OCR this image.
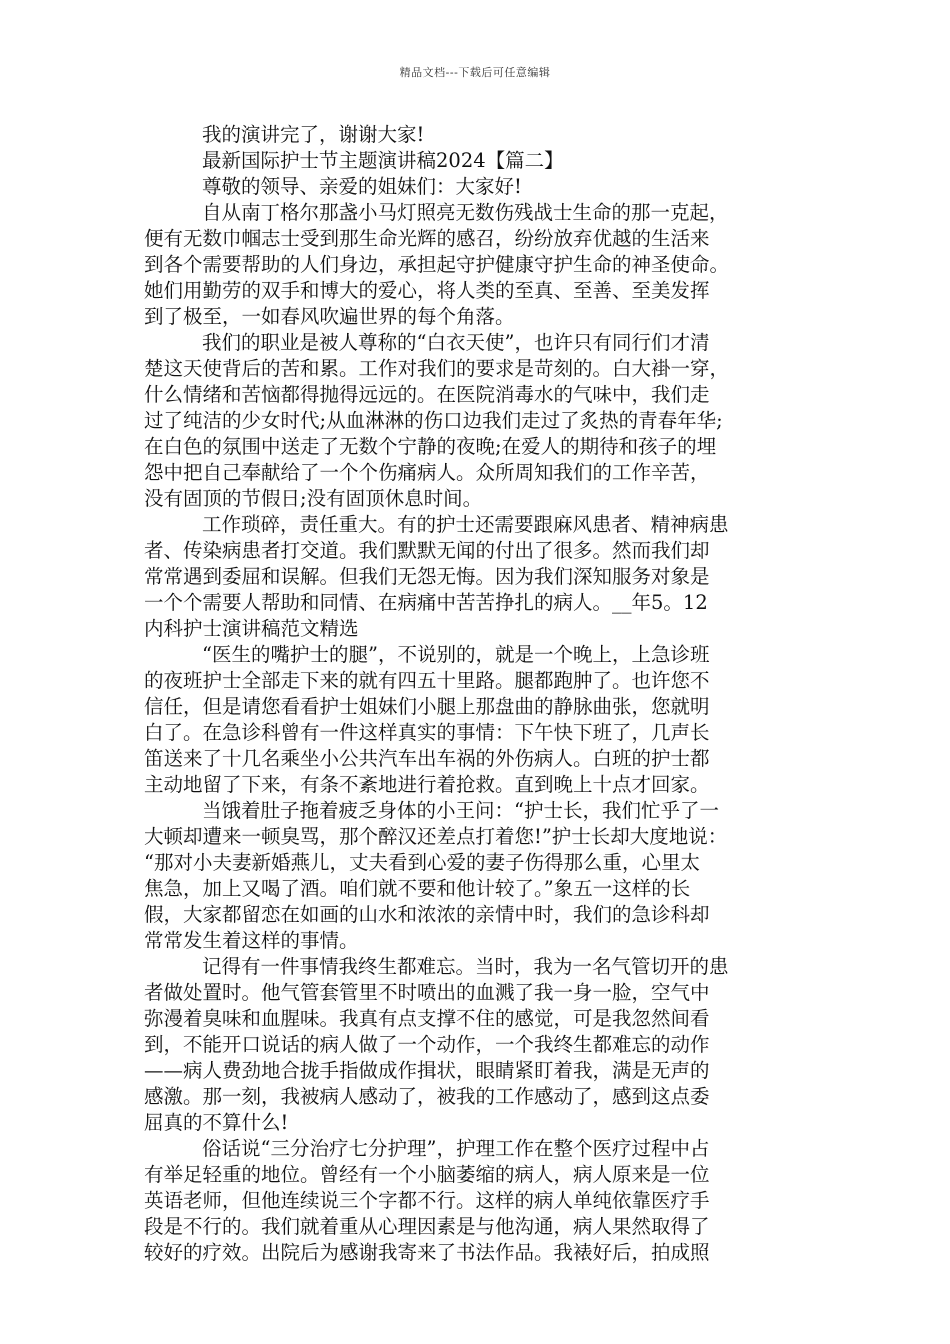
精品文档---下载后可任意编辑
我的演讲完了，谢谢大家!
最新国际护士节主题演讲稿2024【篇二】
尊敬的领导、亲爱的姐妹们：大家好!
自从南丁格尔那盏小马灯照亮无数伤残战士生命的那一克起，
便有无数巾帼志士受到那生命光辉的感召，纷纷放弃优越的生活来
到各个需要帮助的人们身边，承担起守护健康守护生命的神圣使命。
她们用勤劳的双手和博大的爱心，将人类的至真、至善、至美发挥
到了极至，一如春风吹遍世界的每个角落。
我们的职业是被人尊称的“白衣天使”，也许只有同行们才清
楚这天使背后的苦和累。工作对我们的要求是苛刻的。白大褂一穿，
什么情绪和苦恼都得抛得远远的。在医院消毒水的气味中，我们走
过了纯洁的少女时代;从血淋淋的伤口边我们走过了炙热的青春年华;
在白色的氛围中送走了无数个宁静的夜晚;在爱人的期待和孩子的埋
怨中把自己奉献给了一个个伤痛病人。众所周知我们的工作辛苦，
没有固顶的节假日;没有固顶休息时间。
工作琐碎，责任重大。有的护士还需要跟麻风患者、精神病患
者、传染病患者打交道。我们默默无闻的付出了很多。然而我们却
常常遇到委屈和误解。但我们无怨无悔。因为我们深知服务对象是
一个个需要人帮助和同情、在病痛中苦苦挣扎的病人。__年5。12
内科护士演讲稿范文精选
“医生的嘴护士的腿”，不说别的，就是一个晚上，上急诊班
的夜班护士全部走下来的就有四五十里路。腿都跑肿了。也许您不
信任，但是请您看看护士姐妹们小腿上那盘曲的静脉曲张，您就明
白了。在急诊科曾有一件这样真实的事情：下午快下班了，几声长
笛送来了十几名乘坐小公共汽车出车祸的外伤病人。白班的护士都
主动地留了下来，有条不紊地进行着抢救。直到晚上十点才回家。
当饿着肚子拖着疲乏身体的小王问：“护士长，我们忙乎了一
大顿却遭来一顿臭骂，那个醉汉还差点打着您!”护士长却大度地说：
“那对小夫妻新婚燕儿，丈夫看到心爱的妻子伤得那么重，心里太
焦急，加上又喝了酒。咱们就不要和他计较了。”象五一这样的长
假，大家都留恋在如画的山水和浓浓的亲情中时，我们的急诊科却
常常发生着这样的事情。
记得有一件事情我终生都难忘。当时，我为一名气管切开的患
者做处置时。他气管套管里不时喷出的血溅了我一身一脸，空气中
弥漫着臭味和血腥味。我真有点支撑不住的感觉，可是我忽然间看
到，不能开口说话的病人做了一个动作，一个我终生都难忘的动作
——病人费劲地合拢手指做成作揖状，眼睛紧盯着我，满是无声的
感激。那一刻，我被病人感动了，被我的工作感动了，感到这点委
屈真的不算什么!
俗话说“三分治疗七分护理”，护理工作在整个医疗过程中占
有举足轻重的地位。曾经有一个小脑萎缩的病人，病人原来是一位
英语老师，但他连续说三个字都不行。这样的病人单纯依靠医疗手
段是不行的。我们就着重从心理因素是与他沟通，病人果然取得了
较好的疗效。出院后为感谢我寄来了书法作品。我裱好后，拍成照
